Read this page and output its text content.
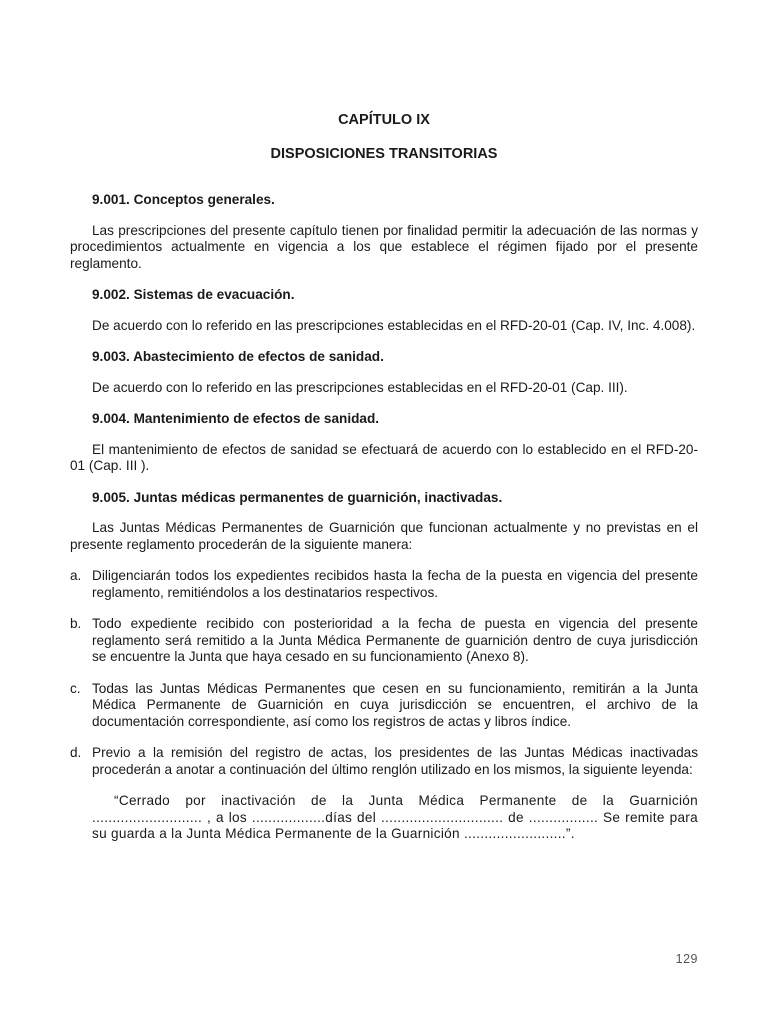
CAPÍTULO IX
DISPOSICIONES TRANSITORIAS

9.001. Conceptos generales.

Las prescripciones del presente capítulo tienen por finalidad permitir la adecuación de las normas y procedimientos actualmente en vigencia a los que establece el régimen fijado por el presente reglamento.

9.002. Sistemas de evacuación.

De acuerdo con lo referido en las prescripciones establecidas en el RFD-20-01 (Cap. IV, Inc. 4.008).

9.003. Abastecimiento de efectos de sanidad.

De acuerdo con lo referido en las prescripciones establecidas en el RFD-20-01 (Cap. III).

9.004. Mantenimiento de efectos de sanidad.

El mantenimiento de efectos de sanidad se efectuará de acuerdo con lo establecido en el RFD-20-01 (Cap. III ).

9.005. Juntas médicas permanentes de guarnición, inactivadas.

Las Juntas Médicas Permanentes de Guarnición que funcionan actualmente y no previstas en el presente reglamento procederán de la siguiente manera:

a. Diligenciarán todos los expedientes recibidos hasta la fecha de la puesta en vigencia del presente reglamento, remitiéndolos a los destinatarios respectivos.
b. Todo expediente recibido con posterioridad a la fecha de puesta en vigencia del presente reglamento será remitido a la Junta Médica Permanente de guarnición dentro de cuya jurisdicción se encuentre la Junta que haya cesado en su funcionamiento (Anexo 8).
c. Todas las Juntas Médicas Permanentes que cesen en su funcionamiento, remitirán a la Junta Médica Permanente de Guarnición en cuya jurisdicción se encuentren, el archivo de la documentación correspondiente, así como los registros de actas y libros índice.
d. Previo a la remisión del registro de actas, los presidentes de las Juntas Médicas inactivadas procederán a anotar a continuación del último renglón utilizado en los mismos, la siguiente leyenda:

“Cerrado por inactivación de la Junta Médica Permanente de la Guarnición ........................... , a los ..................días del .............................. de ................. Se remite para su guarda a la Junta Médica Permanente de la Guarnición .........................”.

129
